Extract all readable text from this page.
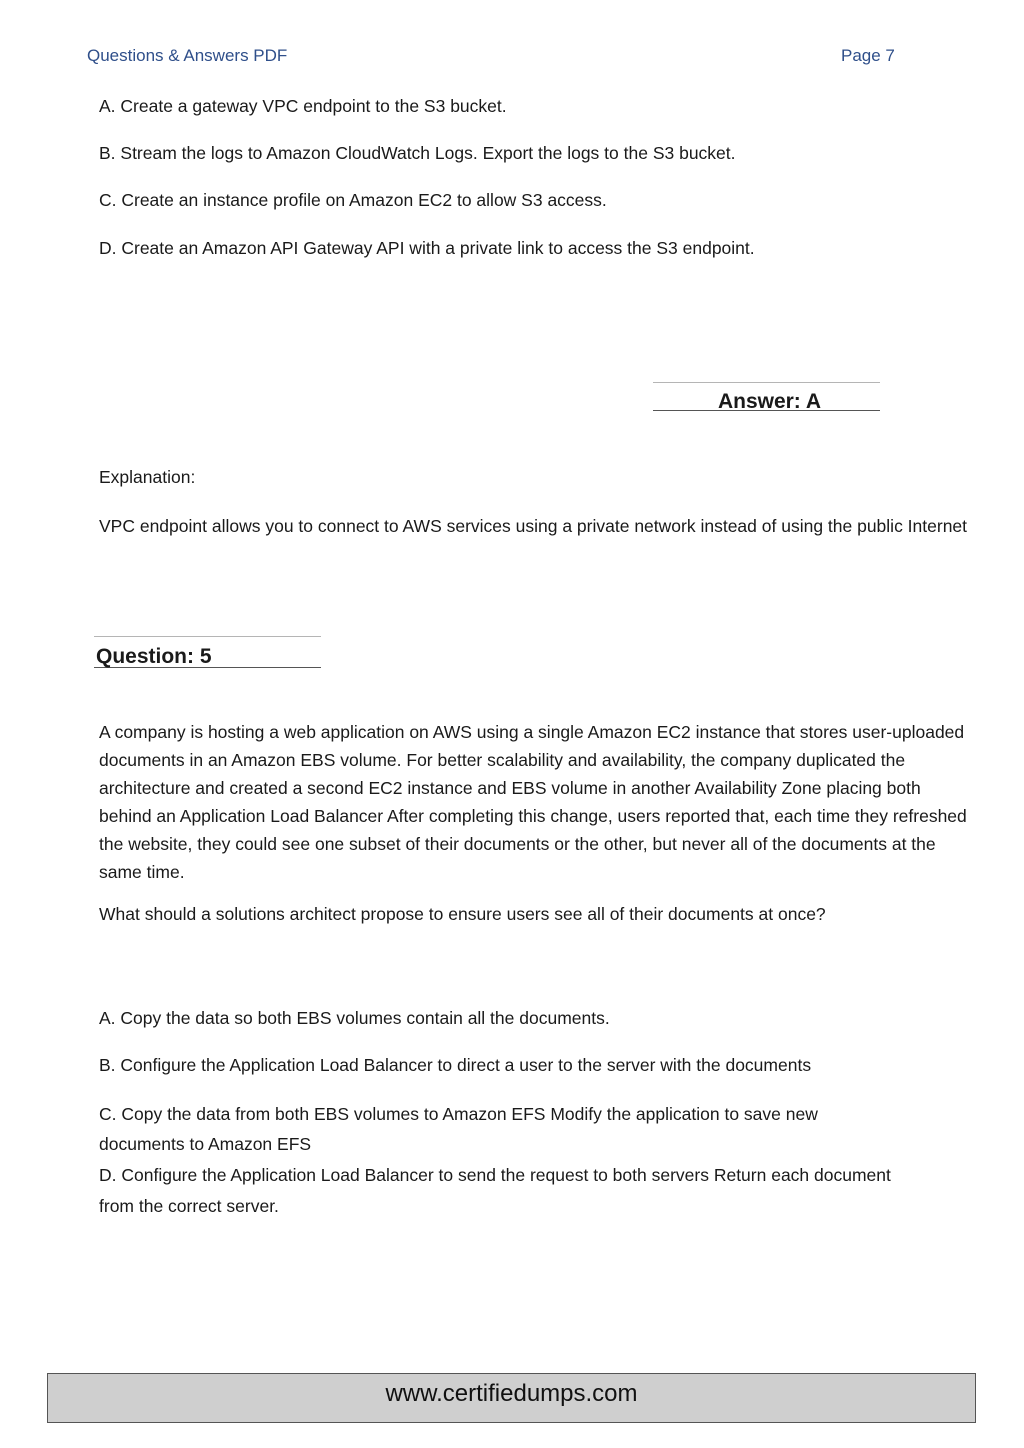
Questions & Answers PDF	Page 7

A. Create a gateway VPC endpoint to the S3 bucket.

B. Stream the logs to Amazon CloudWatch Logs. Export the logs to the S3 bucket.

C. Create an instance profile on Amazon EC2 to allow S3 access.

D. Create an Amazon API Gateway API with a private link to access the S3 endpoint.

Answer: A

Explanation:

VPC endpoint allows you to connect to AWS services using a private network instead of using the public Internet

Question: 5

A company is hosting a web application on AWS using a single Amazon EC2 instance that stores user-uploaded documents in an Amazon EBS volume. For better scalability and availability, the company duplicated the architecture and created a second EC2 instance and EBS volume in another Availability Zone placing both behind an Application Load Balancer After completing this change, users reported that, each time they refreshed the website, they could see one subset of their documents or the other, but never all of the documents at the same time.

What should a solutions architect propose to ensure users see all of their documents at once?

A. Copy the data so both EBS volumes contain all the documents.

B. Configure the Application Load Balancer to direct a user to the server with the documents

C. Copy the data from both EBS volumes to Amazon EFS Modify the application to save new documents to Amazon EFS

D. Configure the Application Load Balancer to send the request to both servers Return each document from the correct server.

www.certifiedumps.com
